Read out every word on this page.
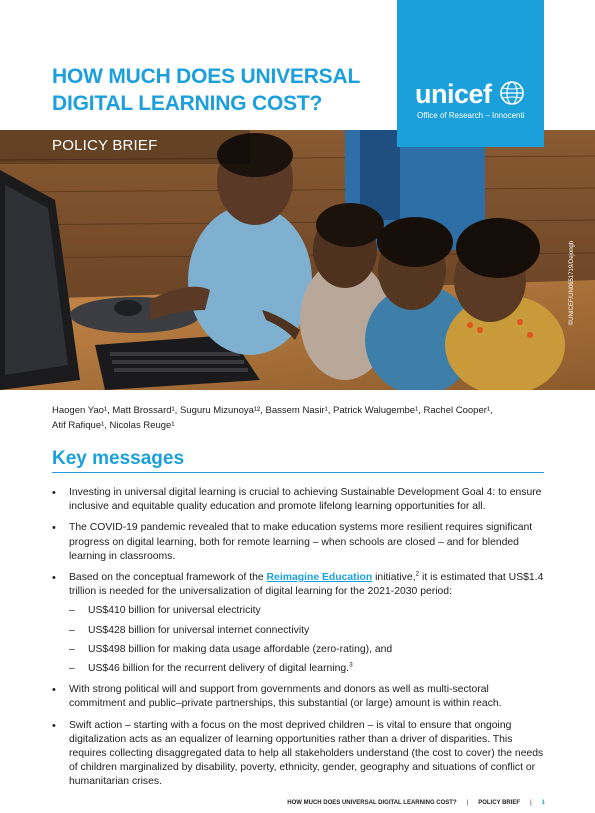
HOW MUCH DOES UNIVERSAL
DIGITAL LEARNING COST?	unicef
Office of Research – Innocenti
POLICY BRIEF
©UNICEF/UN0651719/Dejongh
Haogen Yao¹, Matt Brossard¹, Suguru Mizunoya¹², Bassem Nasir¹, Patrick Walugembe¹, Rachel Cooper¹,
Atif Rafique¹, Nicolas Reuge¹
Key messages
• Investing in universal digital learning is crucial to achieving Sustainable Development Goal 4: to ensure inclusive and equitable quality education and promote lifelong learning opportunities for all.
• The COVID-19 pandemic revealed that to make education systems more resilient requires significant progress on digital learning, both for remote learning – when schools are closed – and for blended learning in classrooms.
• Based on the conceptual framework of the Reimagine Education initiative,$^2$ it is estimated that US$1.4 trillion is needed for the universalization of digital learning for the 2021-2030 period:
– US$410 billion for universal electricity
– US$428 billion for universal internet connectivity
– US$498 billion for making data usage affordable (zero-rating), and
– US$46 billion for the recurrent delivery of digital learning.$^3$
• With strong political will and support from governments and donors as well as multi-sectoral commitment and public–private partnerships, this substantial (or large) amount is within reach.
• Swift action – starting with a focus on the most deprived children – is vital to ensure that ongoing digitalization acts as an equalizer of learning opportunities rather than a driver of disparities. This requires collecting disaggregated data to help all stakeholders understand (the cost to cover) the needs of children marginalized by disability, poverty, ethnicity, gender, geography and situations of conflict or humanitarian crises.
HOW MUCH DOES UNIVERSAL DIGITAL LEARNING COST? | POLICY BRIEF | 1
